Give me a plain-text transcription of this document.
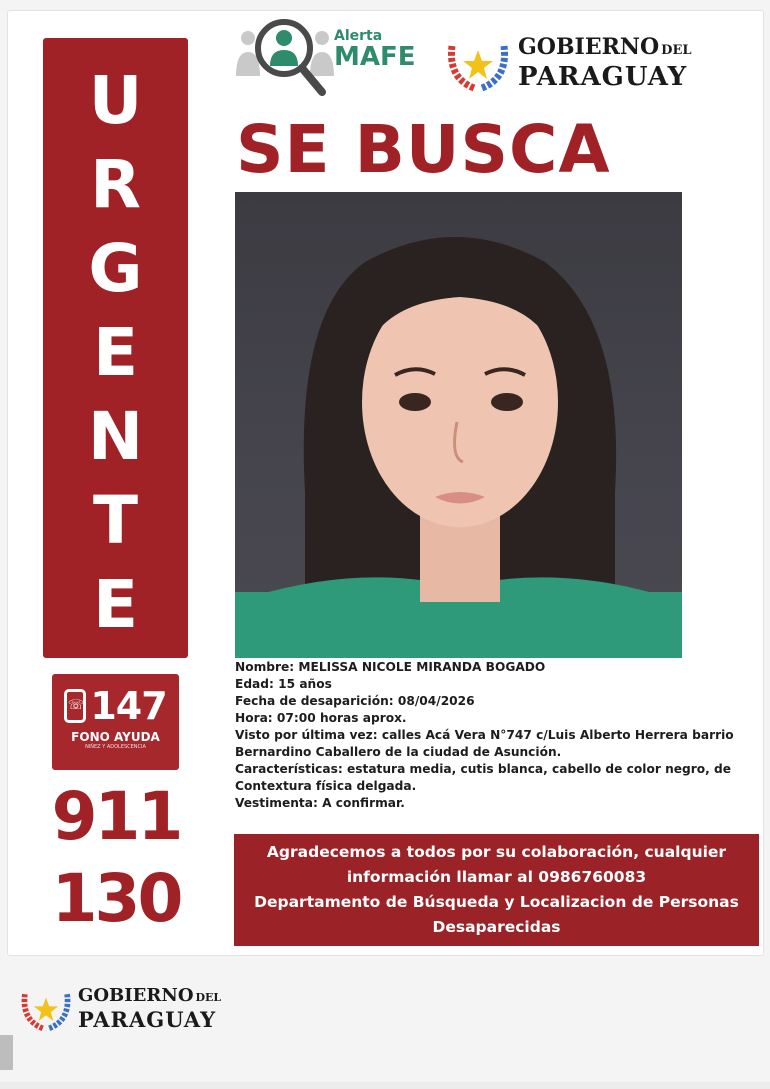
U
R
G
E
N
T
E
☏ 147
FONO AYUDA
NIÑEZ Y ADOLESCENCIA
911
130
Alerta
MAFE	GOBIERNO DEL
PARAGUAY
SE BUSCA
Nombre: MELISSA NICOLE MIRANDA BOGADO
Edad: 15 años
Fecha de desaparición: 08/04/2026
Hora: 07:00 horas aprox.
Visto por última vez: calles Acá Vera N°747 c/Luis Alberto Herrera barrio Bernardino Caballero de la ciudad de Asunción.
Características: estatura media, cutis blanca, cabello de color negro, de Contextura física delgada.
Vestimenta: A confirmar.
Agradecemos a todos por su colaboración, cualquier
información llamar al 0986760083
Departamento de Búsqueda y Localizacion de Personas
Desaparecidas
GOBIERNO DEL
PARAGUAY
